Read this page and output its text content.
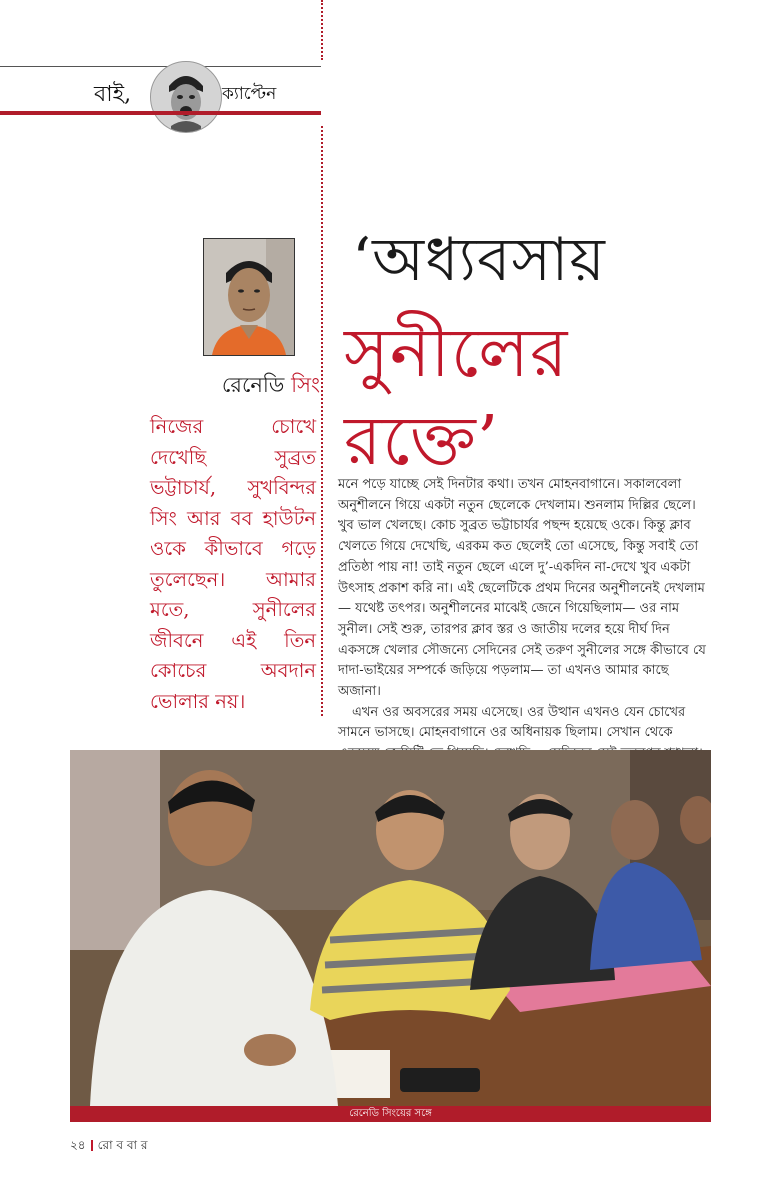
বাই,	ক্যাপ্টেন
রেনেডি সিং
নিজের চোখে দেখেছি সুব্রত ভট্টাচার্য, সুখবিন্দর সিং আর বব হাউটন ওকে কীভাবে গড়ে তুলেছেন। আমার মতে, সুনীলের জীবনে এই তিন কোচের অবদান ভোলার নয়।
‘অধ্যবসায়
সুনীলের
রক্তে’

মনে পড়ে যাচ্ছে সেই দিনটার কথা। তখন মোহনবাগানে। সকালবেলা অনুশীলনে গিয়ে একটা নতুন ছেলেকে দেখলাম। শুনলাম দিল্লির ছেলে। খুব ভাল খেলছে। কোচ সুব্রত ভট্টাচার্যর পছন্দ হয়েছে ওকে। কিন্তু ক্লাব খেলতে গিয়ে দেখেছি, এরকম কত ছেলেই তো এসেছে, কিন্তু সবাই তো প্রতিষ্ঠা পায় না! তাই নতুন ছেলে এলে দু’-একদিন না-দেখে খুব একটা উৎসাহ প্রকাশ করি না। এই ছেলেটিকে প্রথম দিনের অনুশীলনেই দেখলাম— যথেষ্ট তৎপর। অনুশীলনের মাঝেই জেনে গিয়েছিলাম— ওর নাম সুনীল। সেই শুরু, তারপর ক্লাব স্তর ও জাতীয় দলের হয়ে দীর্ঘ দিন একসঙ্গে খেলার সৌজন্যে সেদিনের সেই তরুণ সুনীলের সঙ্গে কীভাবে যে দাদা-ভাইয়ের সম্পর্কে জড়িয়ে পড়লাম— তা এখনও আমার কাছে অজানা।

এখন ওর অবসরের সময় এসেছে। ওর উত্থান এখনও যেন চোখের সামনে ভাসছে। মোহনবাগানে ওর অধিনায়ক ছিলাম। সেখান থেকে

রেনেডি সিংয়ের সঙ্গে
২৪ রো ব বা র
